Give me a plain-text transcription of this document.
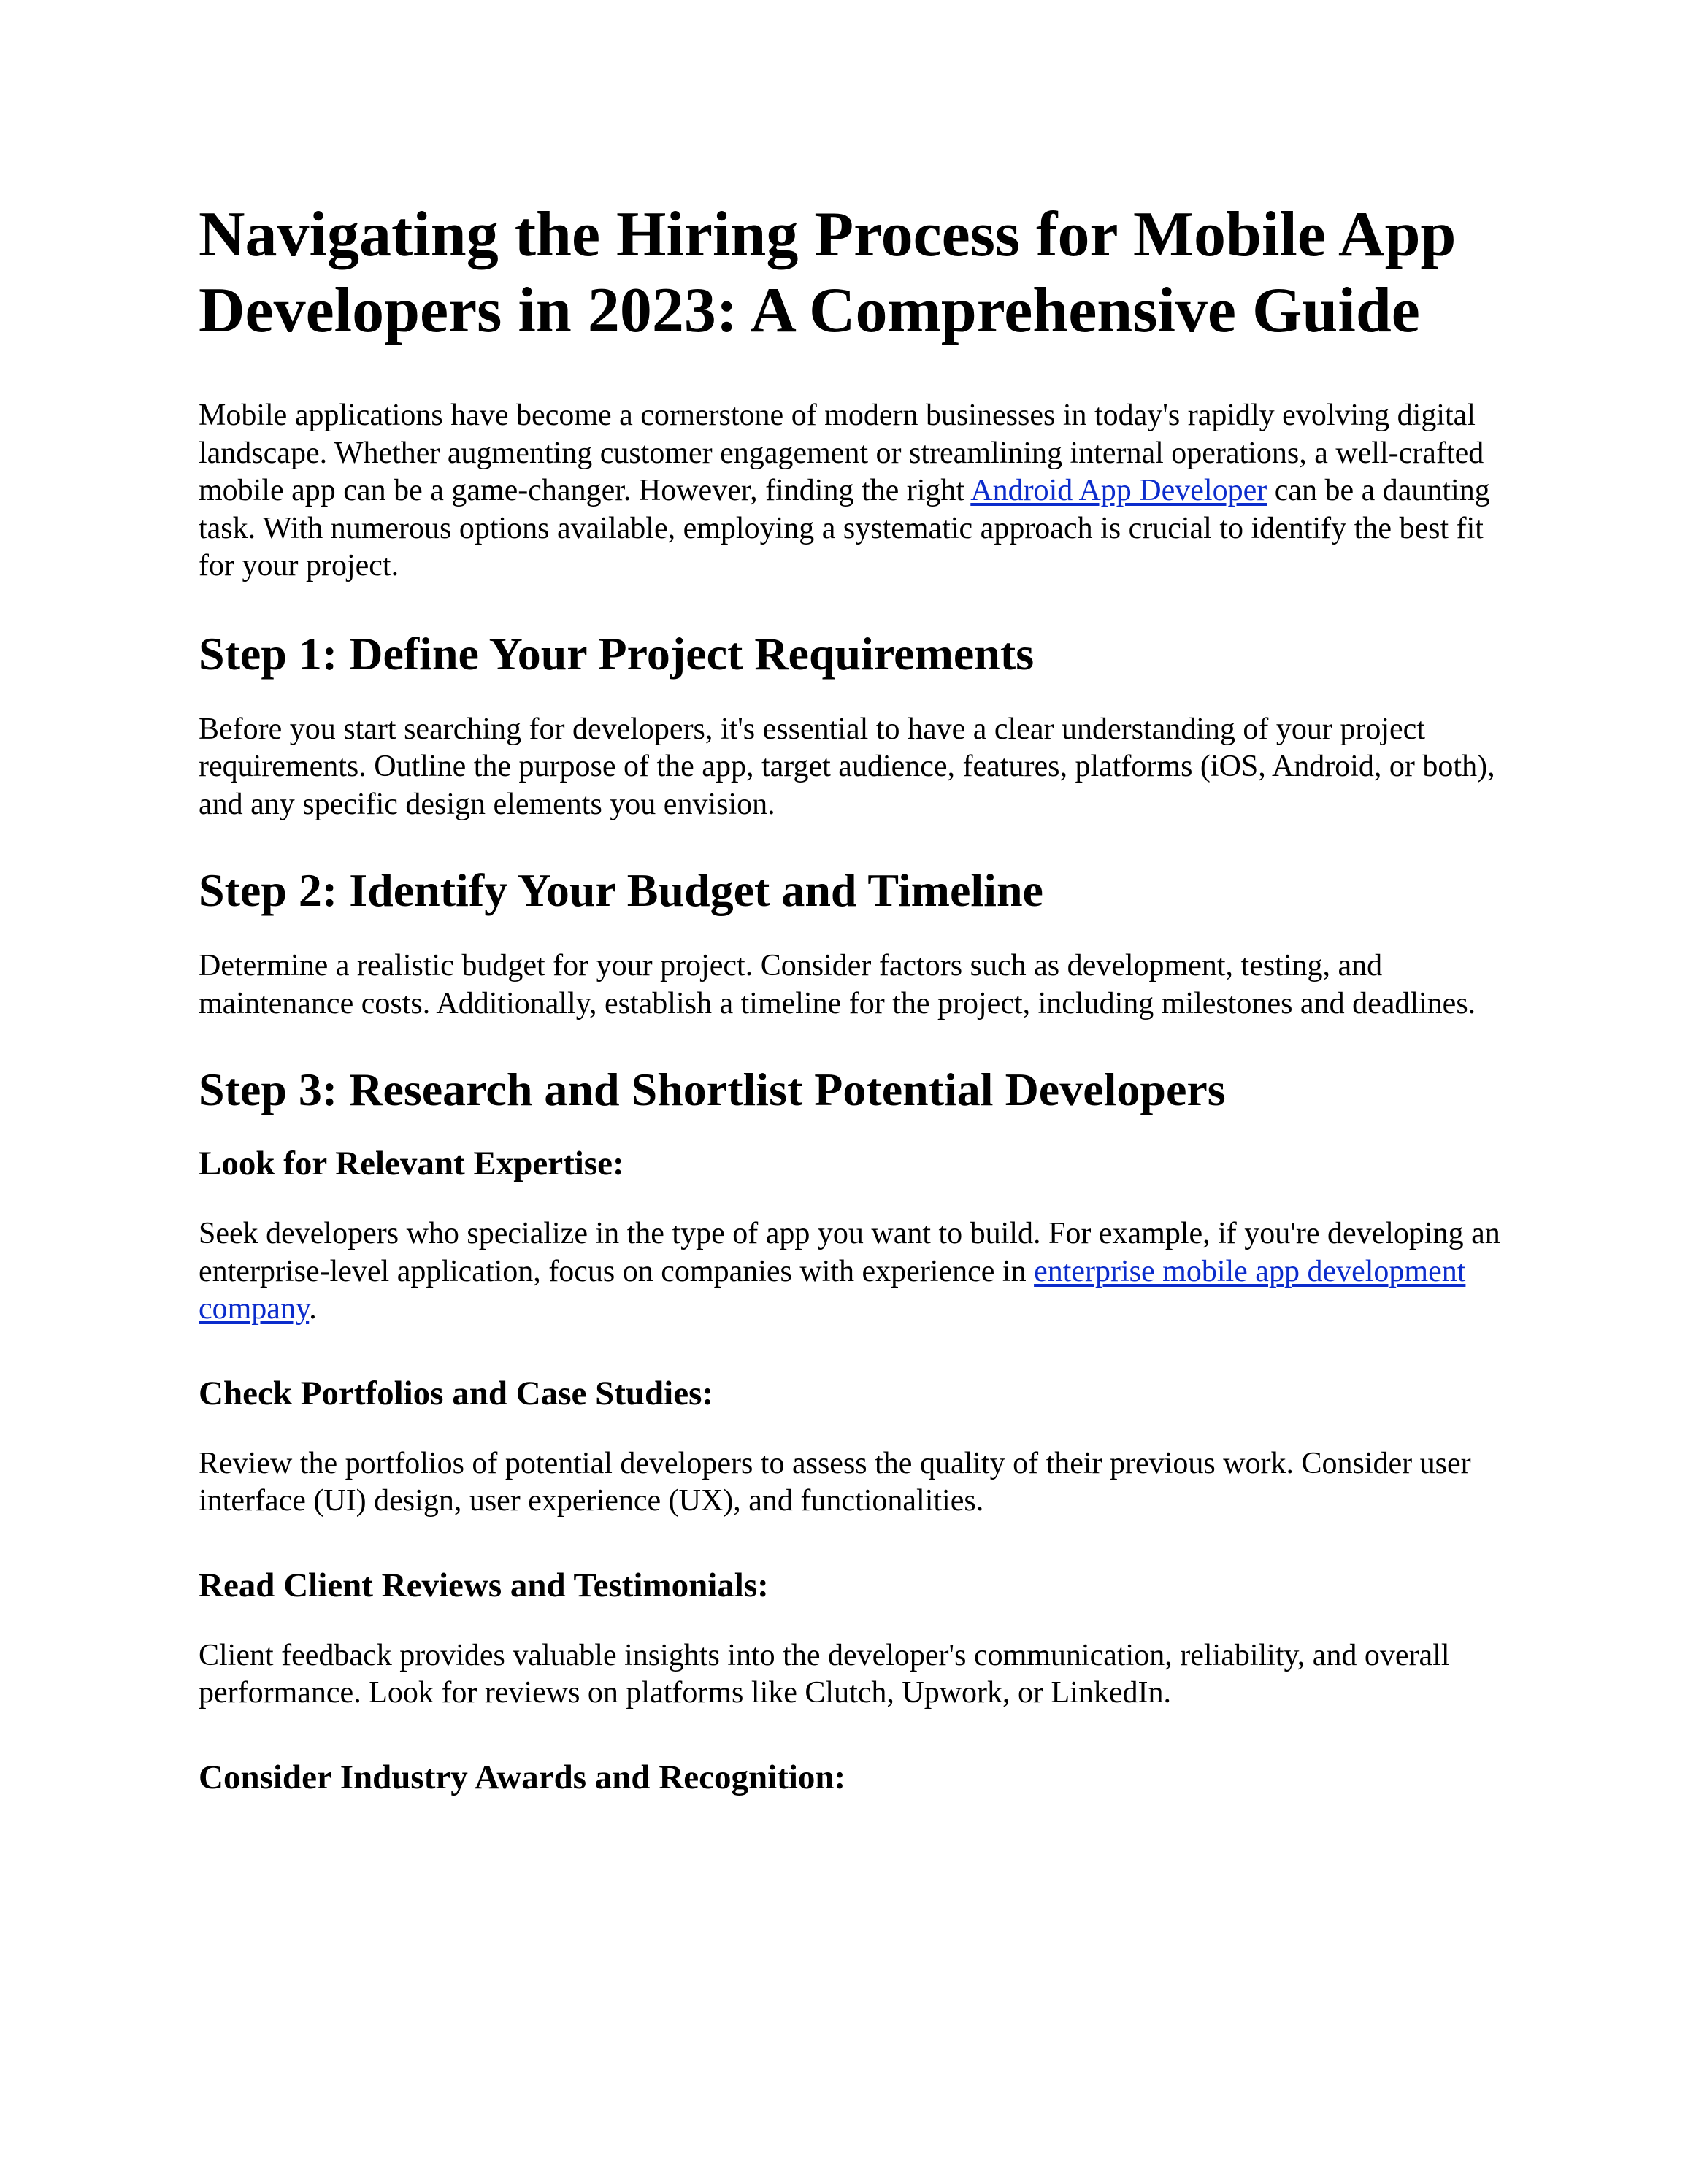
Navigating the Hiring Process for Mobile App Developers in 2023: A Comprehensive Guide

Mobile applications have become a cornerstone of modern businesses in today's rapidly evolving digital landscape. Whether augmenting customer engagement or streamlining internal operations, a well-crafted mobile app can be a game-changer. However, finding the right Android App Developer can be a daunting task. With numerous options available, employing a systematic approach is crucial to identify the best fit for your project.

Step 1: Define Your Project Requirements

Before you start searching for developers, it's essential to have a clear understanding of your project requirements. Outline the purpose of the app, target audience, features, platforms (iOS, Android, or both), and any specific design elements you envision.

Step 2: Identify Your Budget and Timeline

Determine a realistic budget for your project. Consider factors such as development, testing, and maintenance costs. Additionally, establish a timeline for the project, including milestones and deadlines.

Step 3: Research and Shortlist Potential Developers
Look for Relevant Expertise:

Seek developers who specialize in the type of app you want to build. For example, if you're developing an enterprise-level application, focus on companies with experience in enterprise mobile app development company.

Check Portfolios and Case Studies:

Review the portfolios of potential developers to assess the quality of their previous work. Consider user interface (UI) design, user experience (UX), and functionalities.

Read Client Reviews and Testimonials:

Client feedback provides valuable insights into the developer's communication, reliability, and overall performance. Look for reviews on platforms like Clutch, Upwork, or LinkedIn.

Consider Industry Awards and Recognition:
